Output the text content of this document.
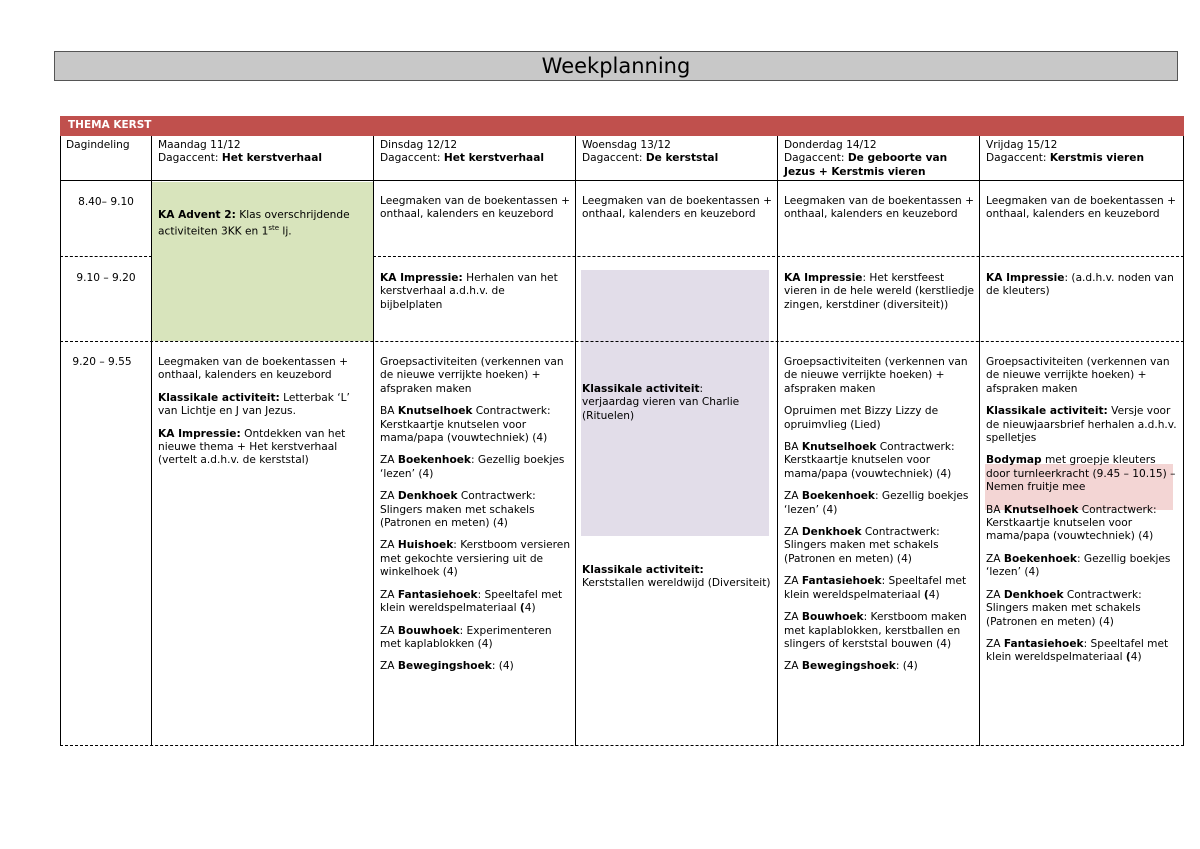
Weekplanning
THEMA KERST
Dagindeling	Maandag 11/12
Dagaccent: Het kerstverhaal
Dinsdag 12/12
Dagaccent: Het kerstverhaal
Woensdag 13/12
Dagaccent: De kerststal
Donderdag 14/12
Dagaccent: De geboorte van Jezus + Kerstmis vieren
Vrijdag 15/12
Dagaccent: Kerstmis vieren
8.40– 9.10
9.10 – 9.20
9.20 – 9.55
KA Advent 2: Klas overschrijdende activiteiten 3KK en 1ste lj.

Leegmaken van de boekentassen + onthaal, kalenders en keuzebord

Klassikale activiteit: Letterbak ‘L’ van Lichtje en J van Jezus.

KA Impressie: Ontdekken van het nieuwe thema + Het kerstverhaal (vertelt a.d.h.v. de kerststal)

Leegmaken van de boekentassen + onthaal, kalenders en keuzebord
Leegmaken van de boekentassen + onthaal, kalenders en keuzebord
Leegmaken van de boekentassen + onthaal, kalenders en keuzebord
Leegmaken van de boekentassen + onthaal, kalenders en keuzebord
KA Impressie: Herhalen van het kerstverhaal a.d.h.v. de bijbelplaten

Groepsactiviteiten (verkennen van de nieuwe verrijkte hoeken) + afspraken maken

BA Knutselhoek Contractwerk: Kerstkaartje knutselen voor mama/papa (vouwtechniek) (4)

ZA Boekenhoek: Gezellig boekjes ‘lezen’ (4)

ZA Denkhoek Contractwerk: Slingers maken met schakels (Patronen en meten) (4)

ZA Huishoek: Kerstboom versieren met gekochte versiering uit de winkelhoek (4)

ZA Fantasiehoek: Speeltafel met klein wereldspelmateriaal (4)

ZA Bouwhoek: Experimenteren met kaplablokken (4)

ZA Bewegingshoek: (4)

Klassikale activiteit:
verjaardag vieren van Charlie (Rituelen)
Klassikale activiteit:
Kerststallen wereldwijd (Diversiteit)
KA Impressie: Het kerstfeest vieren in de hele wereld (kerstliedje zingen, kerstdiner (diversiteit))

Groepsactiviteiten (verkennen van de nieuwe verrijkte hoeken) + afspraken maken

Opruimen met Bizzy Lizzy de opruimvlieg (Lied)

BA Knutselhoek Contractwerk: Kerstkaartje knutselen voor mama/papa (vouwtechniek) (4)

ZA Boekenhoek: Gezellig boekjes ‘lezen’ (4)

ZA Denkhoek Contractwerk: Slingers maken met schakels (Patronen en meten) (4)

ZA Fantasiehoek: Speeltafel met klein wereldspelmateriaal (4)

ZA Bouwhoek: Kerstboom maken met kaplablokken, kerstballen en slingers of kerststal bouwen (4)

ZA Bewegingshoek: (4)

KA Impressie: (a.d.h.v. noden van de kleuters)

Groepsactiviteiten (verkennen van de nieuwe verrijkte hoeken) + afspraken maken

Klassikale activiteit: Versje voor de nieuwjaarsbrief herhalen a.d.h.v. spelletjes

Bodymap met groepje kleuters door turnleerkracht (9.45 – 10.15) – Nemen fruitje mee

BA Knutselhoek Contractwerk: Kerstkaartje knutselen voor mama/papa (vouwtechniek) (4)

ZA Boekenhoek: Gezellig boekjes ‘lezen’ (4)

ZA Denkhoek Contractwerk: Slingers maken met schakels (Patronen en meten) (4)

ZA Fantasiehoek: Speeltafel met klein wereldspelmateriaal (4)
